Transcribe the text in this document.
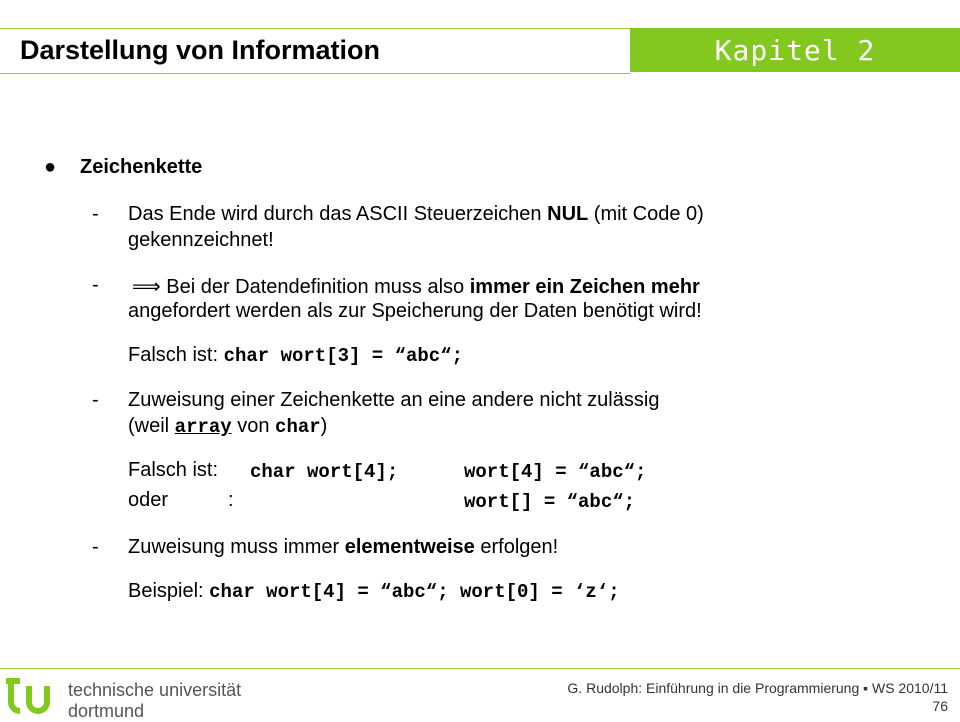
Darstellung von Information	Kapitel 2
● Zeichenkette
- Das Ende wird durch das ASCII Steuerzeichen NUL (mit Code 0)
gekennzeichnet!
- ⟹ Bei der Datendefinition muss also immer ein Zeichen mehr
angefordert werden als zur Speicherung der Daten benötigt wird!
Falsch ist: char wort[3] = “abc“;
- Zuweisung einer Zeichenkette an eine andere nicht zulässig
(weil array von char)
Falsch ist: char wort[4];	wort[4] = “abc“;
oder	:	wort[] = “abc“;
- Zuweisung muss immer elementweise erfolgen!
Beispiel: char wort[4] = “abc“; wort[0] = ‘z‘;
technische universität
dortmund
G. Rudolph: Einführung in die Programmierung ▪ WS 2010/11
76
